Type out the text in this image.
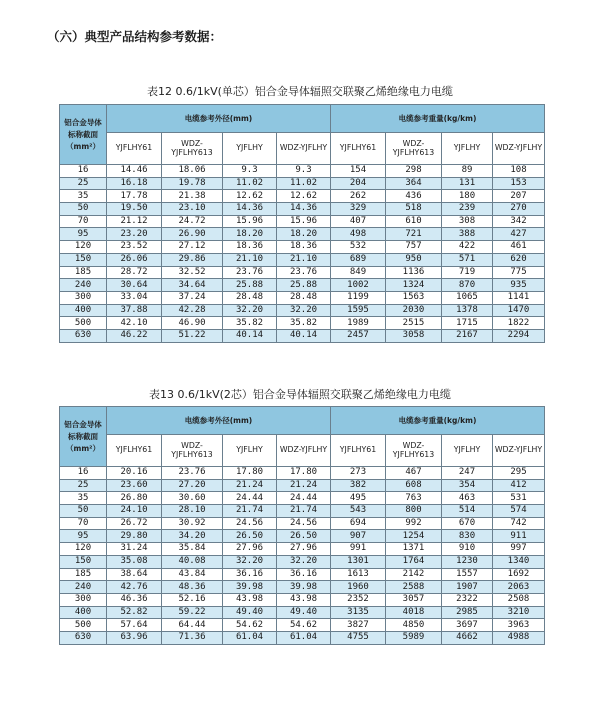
（六）典型产品结构参考数据：
表12 0.6/1kV(单芯）铝合金导体辐照交联聚乙烯绝缘电力电缆
铝合金导体
标称截面
（mm²）	电缆参考外径(mm)				电缆参考重量(kg/km)			
	YJFLHY61	WDZ-YJFLHY613	YJFLHY	WDZ-YJFLHY	YJFLHY61	WDZ-YJFLHY613	YJFLHY	WDZ-YJFLHY
16	14.46	18.06	9.3	9.3	154	298	89	108
25	16.18	19.78	11.02	11.02	204	364	131	153
35	17.78	21.38	12.62	12.62	262	436	180	207
50	19.50	23.10	14.36	14.36	329	518	239	270
70	21.12	24.72	15.96	15.96	407	610	308	342
95	23.20	26.90	18.20	18.20	498	721	388	427
120	23.52	27.12	18.36	18.36	532	757	422	461
150	26.06	29.86	21.10	21.10	689	950	571	620
185	28.72	32.52	23.76	23.76	849	1136	719	775
240	30.64	34.64	25.88	25.88	1002	1324	870	935
300	33.04	37.24	28.48	28.48	1199	1563	1065	1141
400	37.88	42.28	32.20	32.20	1595	2030	1378	1470
500	42.10	46.90	35.82	35.82	1989	2515	1715	1822
630	46.22	51.22	40.14	40.14	2457	3058	2167	2294
表13 0.6/1kV(2芯）铝合金导体辐照交联聚乙烯绝缘电力电缆
铝合金导体
标称截面
（mm²）	电缆参考外径(mm)				电缆参考重量(kg/km)			
	YJFLHY61	WDZ-YJFLHY613	YJFLHY	WDZ-YJFLHY	YJFLHY61	WDZ-YJFLHY613	YJFLHY	WDZ-YJFLHY
16	20.16	23.76	17.80	17.80	273	467	247	295
25	23.60	27.20	21.24	21.24	382	608	354	412
35	26.80	30.60	24.44	24.44	495	763	463	531
50	24.10	28.10	21.74	21.74	543	800	514	574
70	26.72	30.92	24.56	24.56	694	992	670	742
95	29.80	34.20	26.50	26.50	907	1254	830	911
120	31.24	35.84	27.96	27.96	991	1371	910	997
150	35.08	40.08	32.20	32.20	1301	1764	1230	1340
185	38.64	43.84	36.16	36.16	1613	2142	1557	1692
240	42.76	48.36	39.98	39.98	1960	2588	1907	2063
300	46.36	52.16	43.98	43.98	2352	3057	2322	2508
400	52.82	59.22	49.40	49.40	3135	4018	2985	3210
500	57.64	64.44	54.62	54.62	3827	4850	3697	3963
630	63.96	71.36	61.04	61.04	4755	5989	4662	4988
